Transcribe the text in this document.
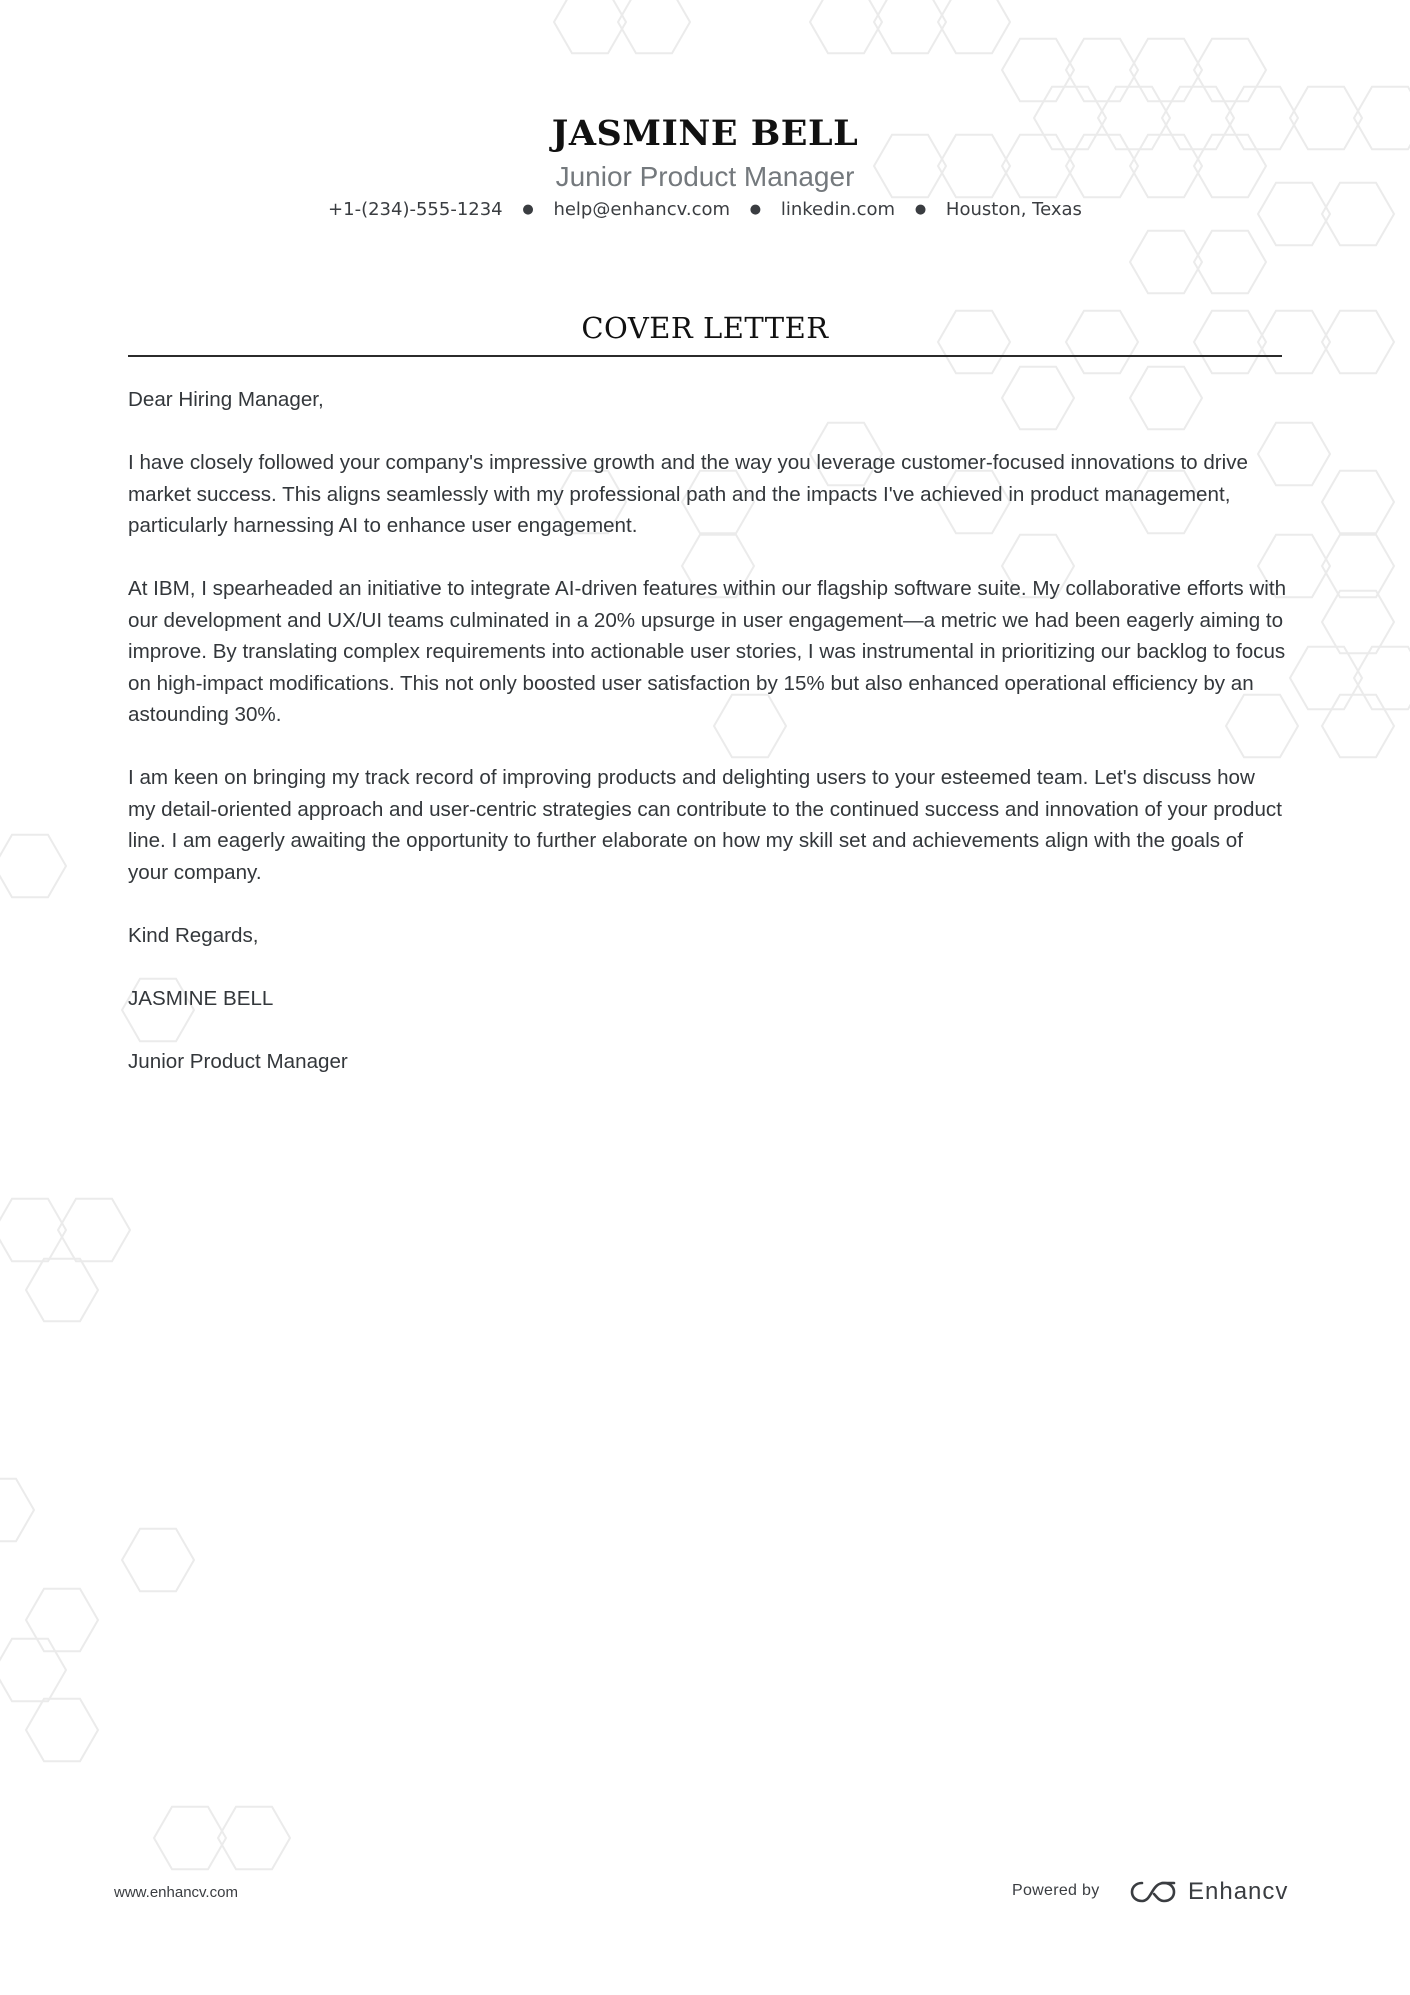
JASMINE BELL
Junior Product Manager
+1-(234)-555-1234 ● help@enhancv.com ● linkedin.com ● Houston, Texas
COVER LETTER

Dear Hiring Manager,

I have closely followed your company's impressive growth and the way you leverage customer-focused innovations to drive market success. This aligns seamlessly with my professional path and the impacts I've achieved in product management, particularly harnessing AI to enhance user engagement.

At IBM, I spearheaded an initiative to integrate AI-driven features within our flagship software suite. My collaborative efforts with our development and UX/UI teams culminated in a 20% upsurge in user engagement—a metric we had been eagerly aiming to improve. By translating complex requirements into actionable user stories, I was instrumental in prioritizing our backlog to focus on high-impact modifications. This not only boosted user satisfaction by 15% but also enhanced operational efficiency by an astounding 30%.

I am keen on bringing my track record of improving products and delighting users to your esteemed team. Let's discuss how my detail-oriented approach and user-centric strategies can contribute to the continued success and innovation of your product line. I am eagerly awaiting the opportunity to further elaborate on how my skill set and achievements align with the goals of your company.

Kind Regards,

JASMINE BELL

Junior Product Manager

www.enhancv.com	Powered by	Enhancv
